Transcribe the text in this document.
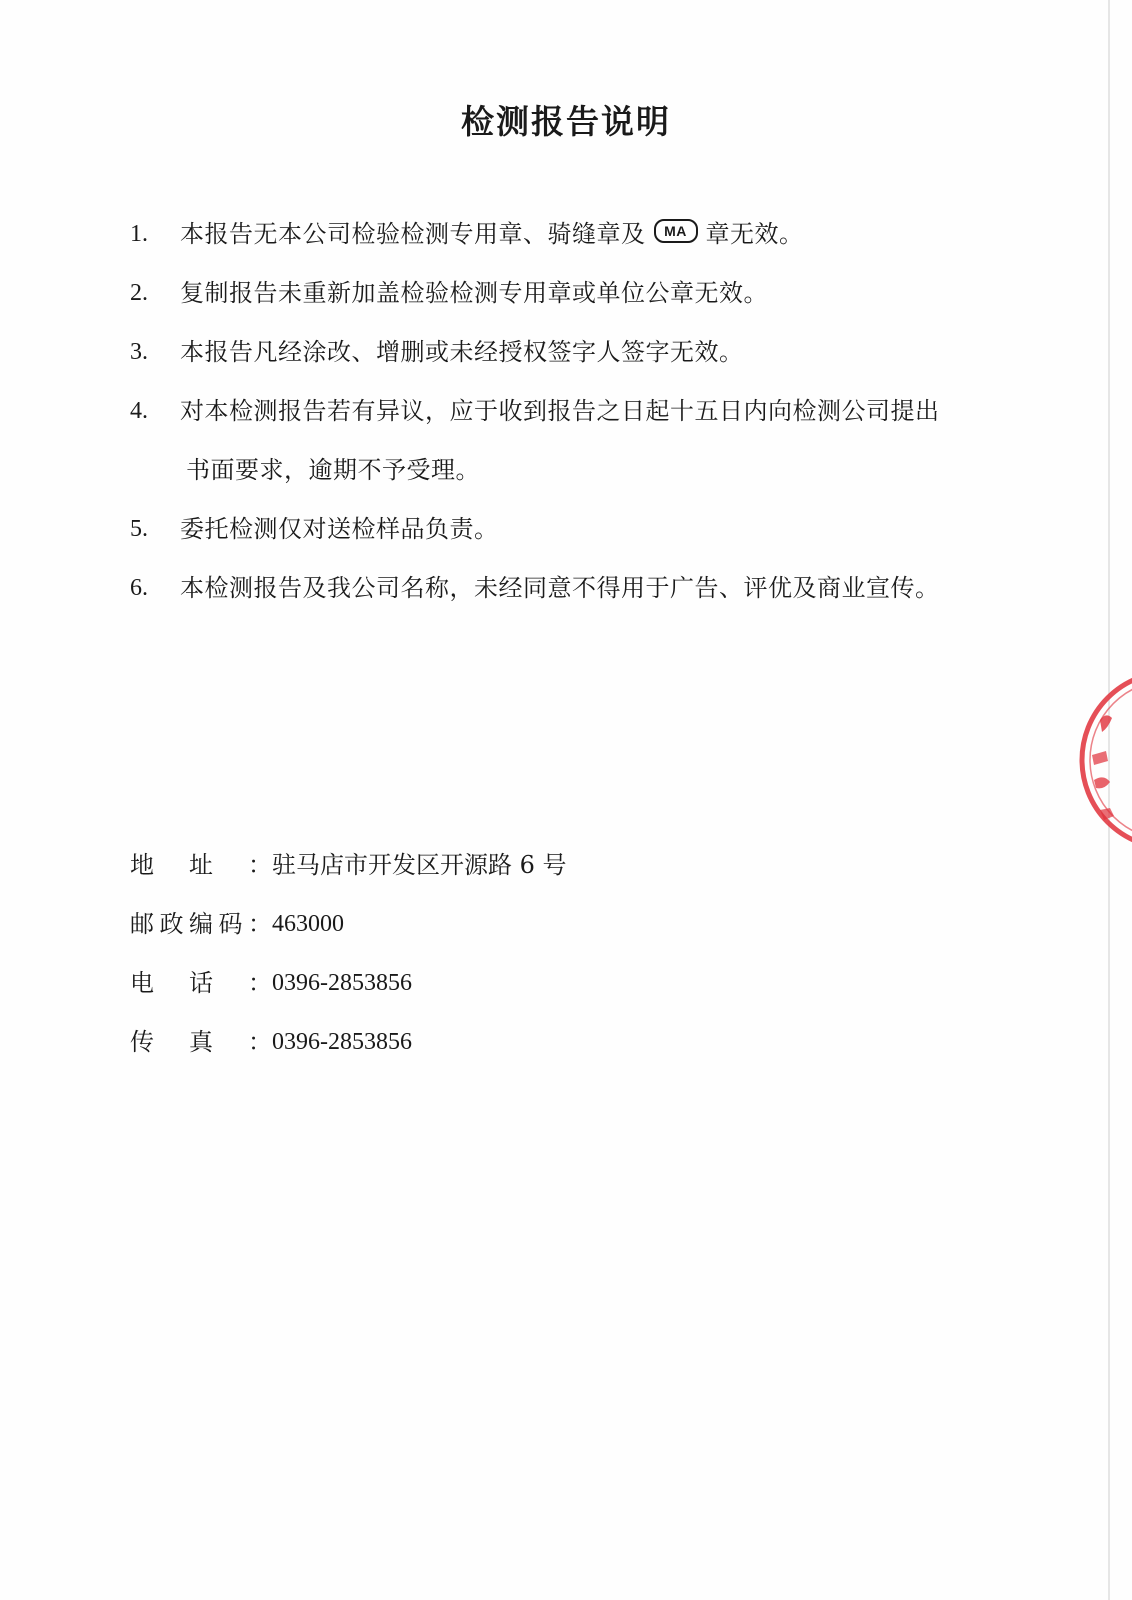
检测报告说明
1.	本报告无本公司检验检测专用章、骑缝章及 MA 章无效。
2.	复制报告未重新加盖检验检测专用章或单位公章无效。
3.	本报告凡经涂改、增删或未经授权签字人签字无效。
4.	对本检测报告若有异议，应于收到报告之日起十五日内向检测公司提出
书面要求，逾期不予受理。
5.	委托检测仅对送检样品负责。
6.	本检测报告及我公司名称，未经同意不得用于广告、评优及商业宣传。
地址： 驻马店市开发区开源路 6 号
邮政编码： 463000
电话： 0396-2853856
传真： 0396-2853856
